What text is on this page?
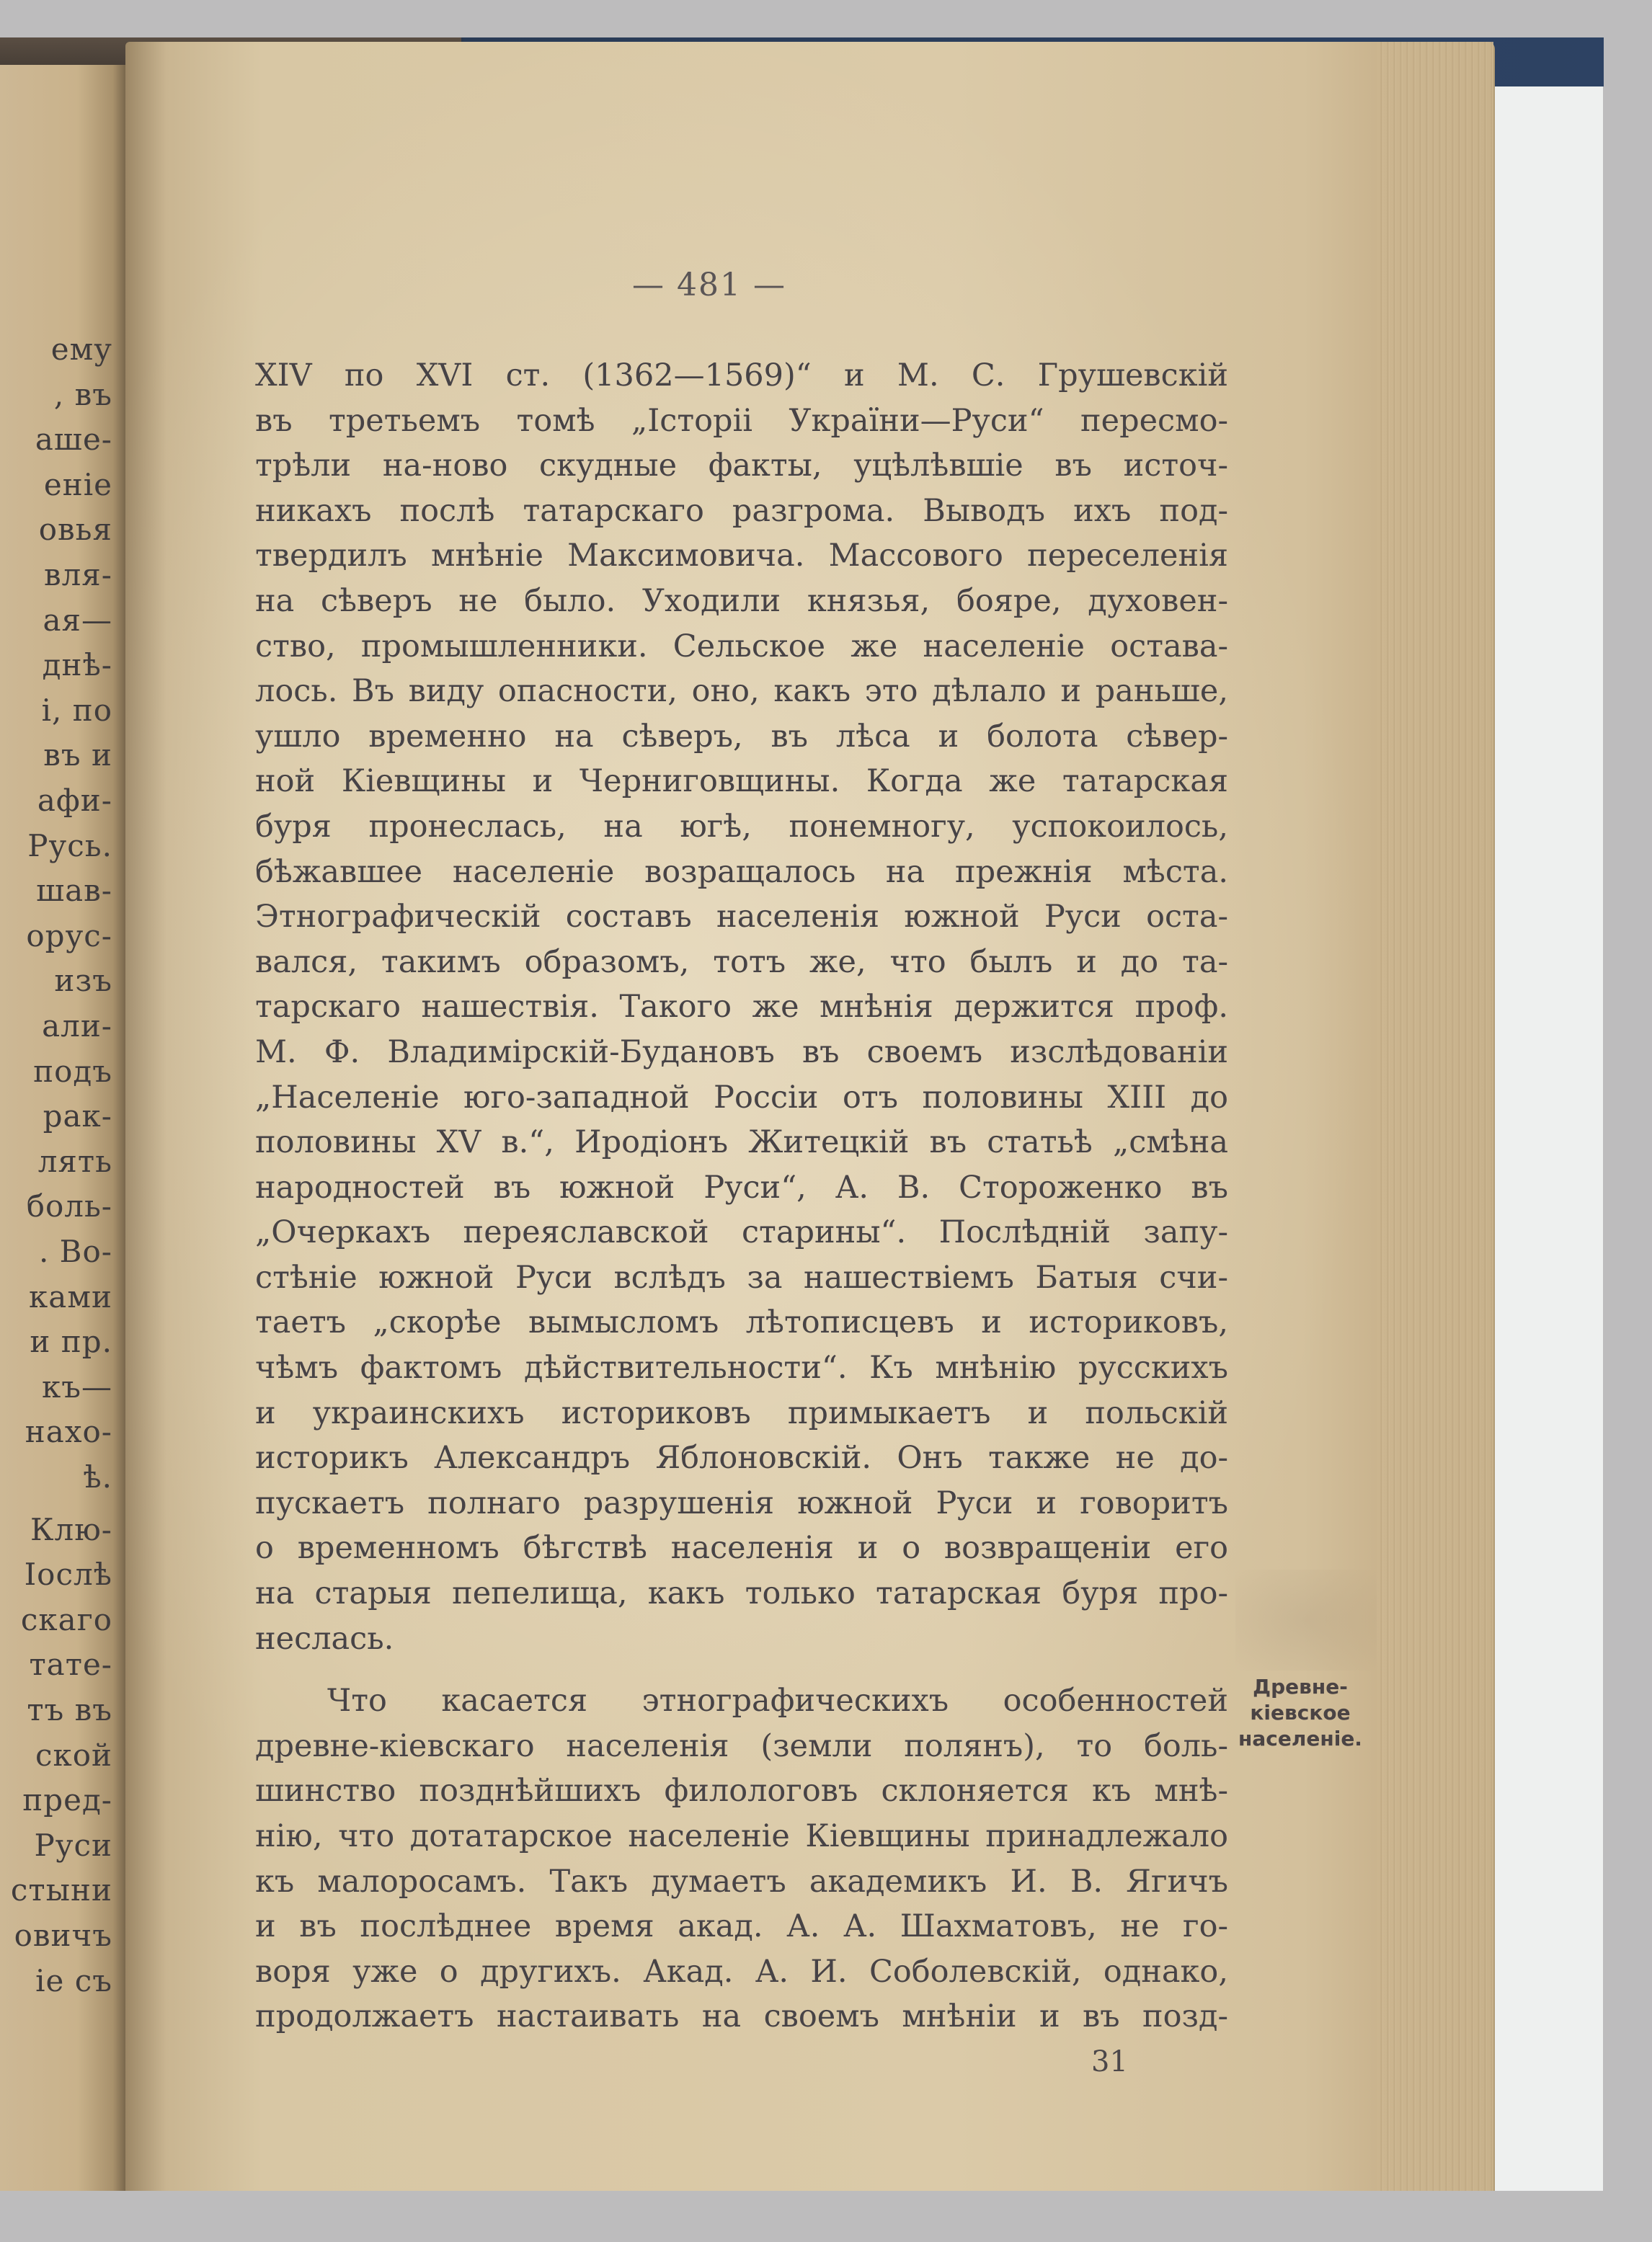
ему
, въ
аше-
еніе
овья
вля-
ая—
днѣ-
і, по
въ и
афи-
Русь.
шав-
орус-
изъ
али-
подъ
рак-
лять
боль-
. Во-
ками
и пр.
къ—
нахо-
ѣ.
Клю-
Іослѣ
скаго
тате-
тъ въ
ской
пред-
Руси
стыни
овичъ
іе съ
— 481 —
XIV по XVI ст. (1362—1569)“ и М. С. Грушевскій
въ третьемъ томѣ „Історіі Украïни—Руси“ пересмо-
трѣли на-ново скудные факты, уцѣлѣвшіе въ источ-
никахъ послѣ татарскаго разгрома. Выводъ ихъ под-
твердилъ мнѣніе Максимовича. Массового переселенія
на сѣверъ не было. Уходили князья, бояре, духовен-
ство, промышленники. Сельское же населеніе остава-
лось. Въ виду опасности, оно, какъ это дѣлало и раньше,
ушло временно на сѣверъ, въ лѣса и болота сѣвер-
ной Кіевщины и Черниговщины. Когда же татарская
буря пронеслась, на югѣ, понемногу, успокоилось,
бѣжавшее населеніе возращалось на прежнія мѣста.
Этнографическій составъ населенія южной Руси оста-
вался, такимъ образомъ, тотъ же, что былъ и до та-
тарскаго нашествія. Такого же мнѣнія держится проф.
М. Ф. Владимірскій-Будановъ въ своемъ изслѣдованіи
„Населеніе юго-западной Россіи отъ половины XIII до
половины XV в.“, Иродіонъ Житецкій въ статьѣ „смѣна
народностей въ южной Руси“, А. В. Стороженко въ
„Очеркахъ переяславской старины“. Послѣдній запу-
стѣніе южной Руси вслѣдъ за нашествіемъ Батыя счи-
таетъ „скорѣе вымысломъ лѣтописцевъ и историковъ,
чѣмъ фактомъ дѣйствительности“. Къ мнѣнію русскихъ
и украинскихъ историковъ примыкаетъ и польскій
историкъ Александръ Яблоновскій. Онъ также не до-
пускаетъ полнаго разрушенія южной Руси и говоритъ
о временномъ бѣгствѣ населенія и о возвращеніи его
на старыя пепелища, какъ только татарская буря про-
неслась.
Что касается этнографическихъ особенностей
древне-кіевскаго населенія (земли полянъ), то боль-
шинство позднѣйшихъ филологовъ склоняется къ мнѣ-
нію, что дотатарское населеніе Кіевщины принадлежало
къ малоросамъ. Такъ думаетъ академикъ И. В. Ягичъ
и въ послѣднее время акад. А. А. Шахматовъ, не го-
воря уже о другихъ. Акад. А. И. Соболевскій, однако,
продолжаетъ настаивать на своемъ мнѣніи и въ позд-
Древне-
кіевское
населеніе.
31
